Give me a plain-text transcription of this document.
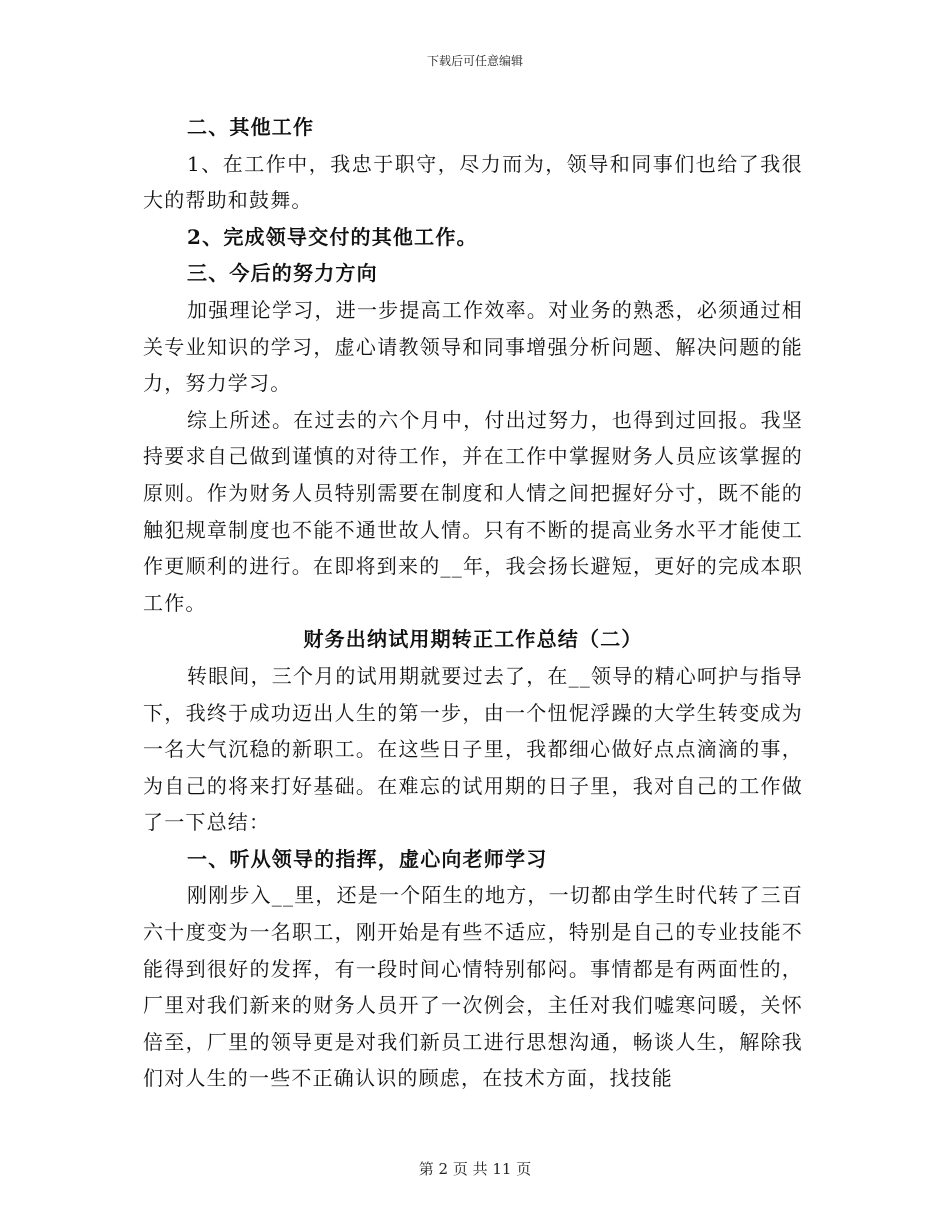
下载后可任意编辑

二、其他工作

1、在工作中，我忠于职守，尽力而为，领导和同事们也给了我很大的帮助和鼓舞。

2、完成领导交付的其他工作。

三、今后的努力方向

加强理论学习，进一步提高工作效率。对业务的熟悉，必须通过相关专业知识的学习，虚心请教领导和同事增强分析问题、解决问题的能力，努力学习。

综上所述。在过去的六个月中，付出过努力，也得到过回报。我坚持要求自己做到谨慎的对待工作，并在工作中掌握财务人员应该掌握的原则。作为财务人员特别需要在制度和人情之间把握好分寸，既不能的触犯规章制度也不能不通世故人情。只有不断的提高业务水平才能使工作更顺利的进行。在即将到来的__年，我会扬长避短，更好的完成本职工作。

财务出纳试用期转正工作总结（二）

转眼间，三个月的试用期就要过去了，在__领导的精心呵护与指导下，我终于成功迈出人生的第一步，由一个忸怩浮躁的大学生转变成为一名大气沉稳的新职工。在这些日子里，我都细心做好点点滴滴的事，为自己的将来打好基础。在难忘的试用期的日子里，我对自己的工作做了一下总结：

一、听从领导的指挥，虚心向老师学习

刚刚步入__里，还是一个陌生的地方，一切都由学生时代转了三百六十度变为一名职工，刚开始是有些不适应，特别是自己的专业技能不能得到很好的发挥，有一段时间心情特别郁闷。事情都是有两面性的，厂里对我们新来的财务人员开了一次例会，主任对我们嘘寒问暖，关怀倍至，厂里的领导更是对我们新员工进行思想沟通，畅谈人生，解除我们对人生的一些不正确认识的顾虑，在技术方面，找技能

第 2 页 共 11 页
